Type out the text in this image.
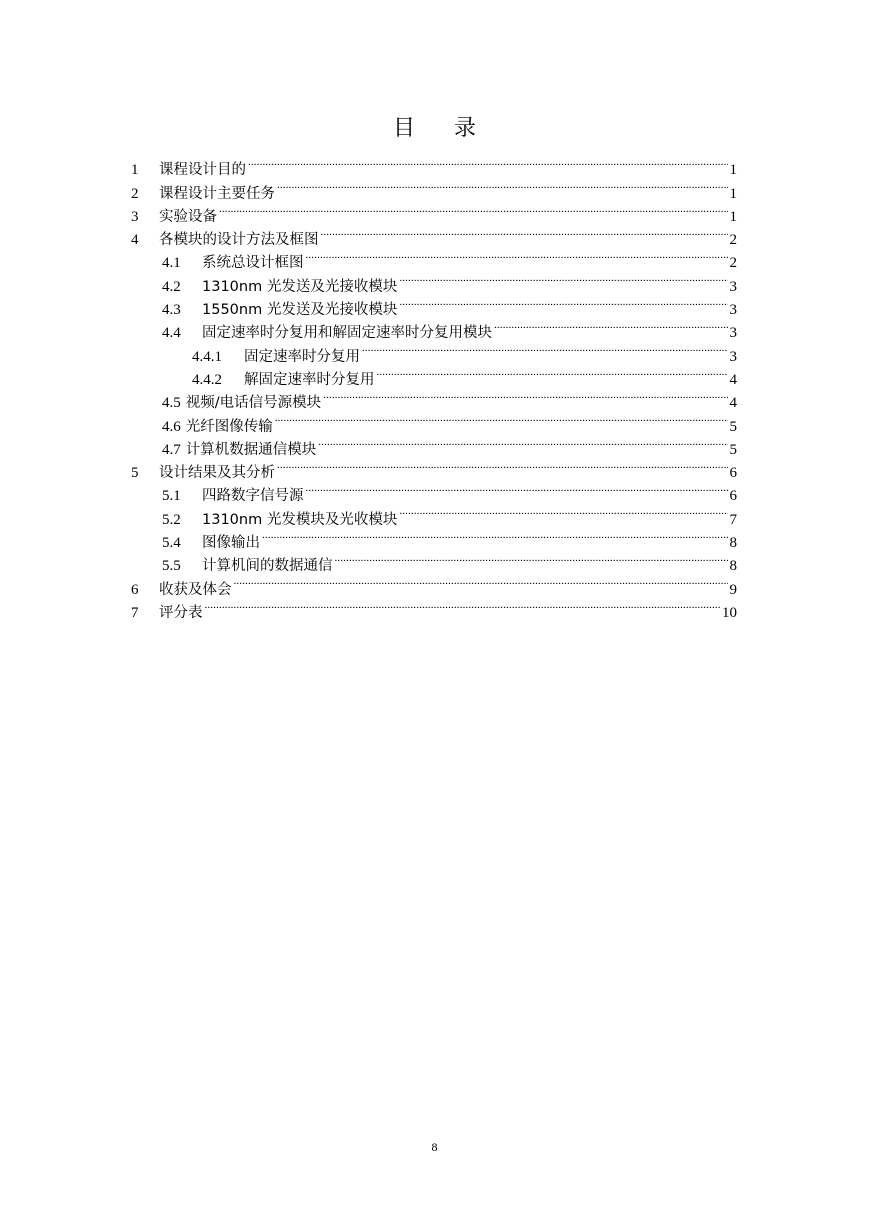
目 录
1	课程设计目的 . . .	1
2	课程设计主要任务 . . .	1
3	实验设备 . . .	1
4	各模块的设计方法及框图 . . .	2
4.1	系统总设计框图 . . .	2
4.2	1310nm 光发送及光接收模块 . . .	3
4.3	1550nm 光发送及光接收模块 . . .	3
4.4	固定速率时分复用和解固定速率时分复用模块 . . .	3
4.4.1	固定速率时分复用 . . .	3
4.4.2	解固定速率时分复用 . . .	4
4.5 视频/电话信号源模块 . . .	4
4.6 光纤图像传输 . . .	5
4.7 计算机数据通信模块 . . .	5
5	设计结果及其分析 . . .	6
5.1	四路数字信号源 . . .	6
5.2	1310nm 光发模块及光收模块 . . .	7
5.4	图像输出 . . .	8
5.5	计算机间的数据通信 . . .	8
6	收获及体会 . . .	9
7	评分表 . . .	10
8
